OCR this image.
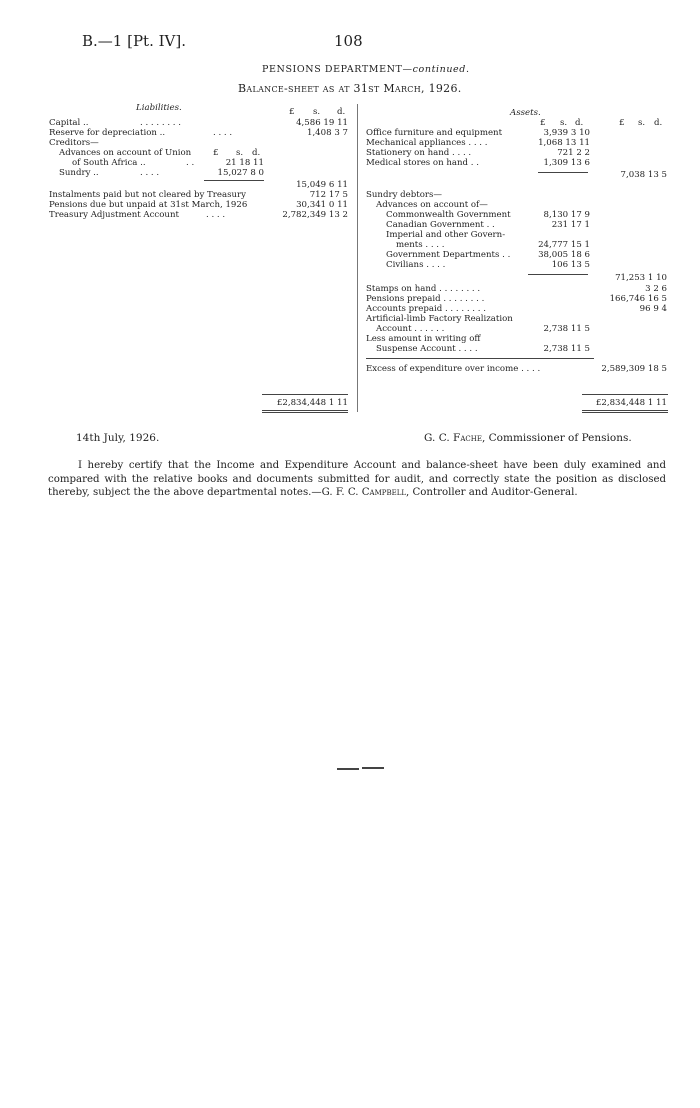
B.—1 [Pt. IV].	108
PENSIONS DEPARTMENT—continued.
Balance-sheet as at 31st March, 1926.
Liabilities.	£ s. d.
Capital ..	. . . . . . . .	4,586 19 11
Reserve for depreciation ..	. . . .	1,408 3 7
Creditors—
Advances on account of Union	£ s. d.
of South Africa ..	. .	21 18 11
Sundry ..	. . . .	15,027 8 0
15,049 6 11
Instalments paid but not cleared by Treasury	712 17 5
Pensions due but unpaid at 31st March, 1926	30,341 0 11
Treasury Adjustment Account	. . . .	2,782,349 13 2
£2,834,448 1 11
Assets.
£ s. d.	£ s. d.
Office furniture and equipment	3,939 3 10
Mechanical appliances . . . .	1,068 13 11
Stationery on hand . . . .	721 2 2
Medical stores on hand . .	1,309 13 6
7,038 13 5
Sundry debtors—
Advances on account of—
Commonwealth Government	8,130 17 9
Canadian Government . .	231 17 1
Imperial and other Govern-
ments . . . .	24,777 15 1
Government Departments . .	38,005 18 6
Civilians . . . .	106 13 5
71,253 1 10
Stamps on hand . . . . . . . .	3 2 6
Pensions prepaid . . . . . . . .	166,746 16 5
Accounts prepaid . . . . . . . .	96 9 4
Artificial-limb Factory Realization
Account . . . . . .	2,738 11 5
Less amount in writing off
Suspense Account . . . .	2,738 11 5
Excess of expenditure over income . . . .	2,589,309 18 5
£2,834,448 1 11
14th July, 1926.	G. C. Fache, Commissioner of Pensions.
I hereby certify that the Income and Expenditure Account and balance-sheet have been duly examined and compared with the relative books and documents submitted for audit, and correctly state the position as disclosed thereby, subject the the above departmental notes.—G. F. C. Campbell, Controller and Auditor-General.
